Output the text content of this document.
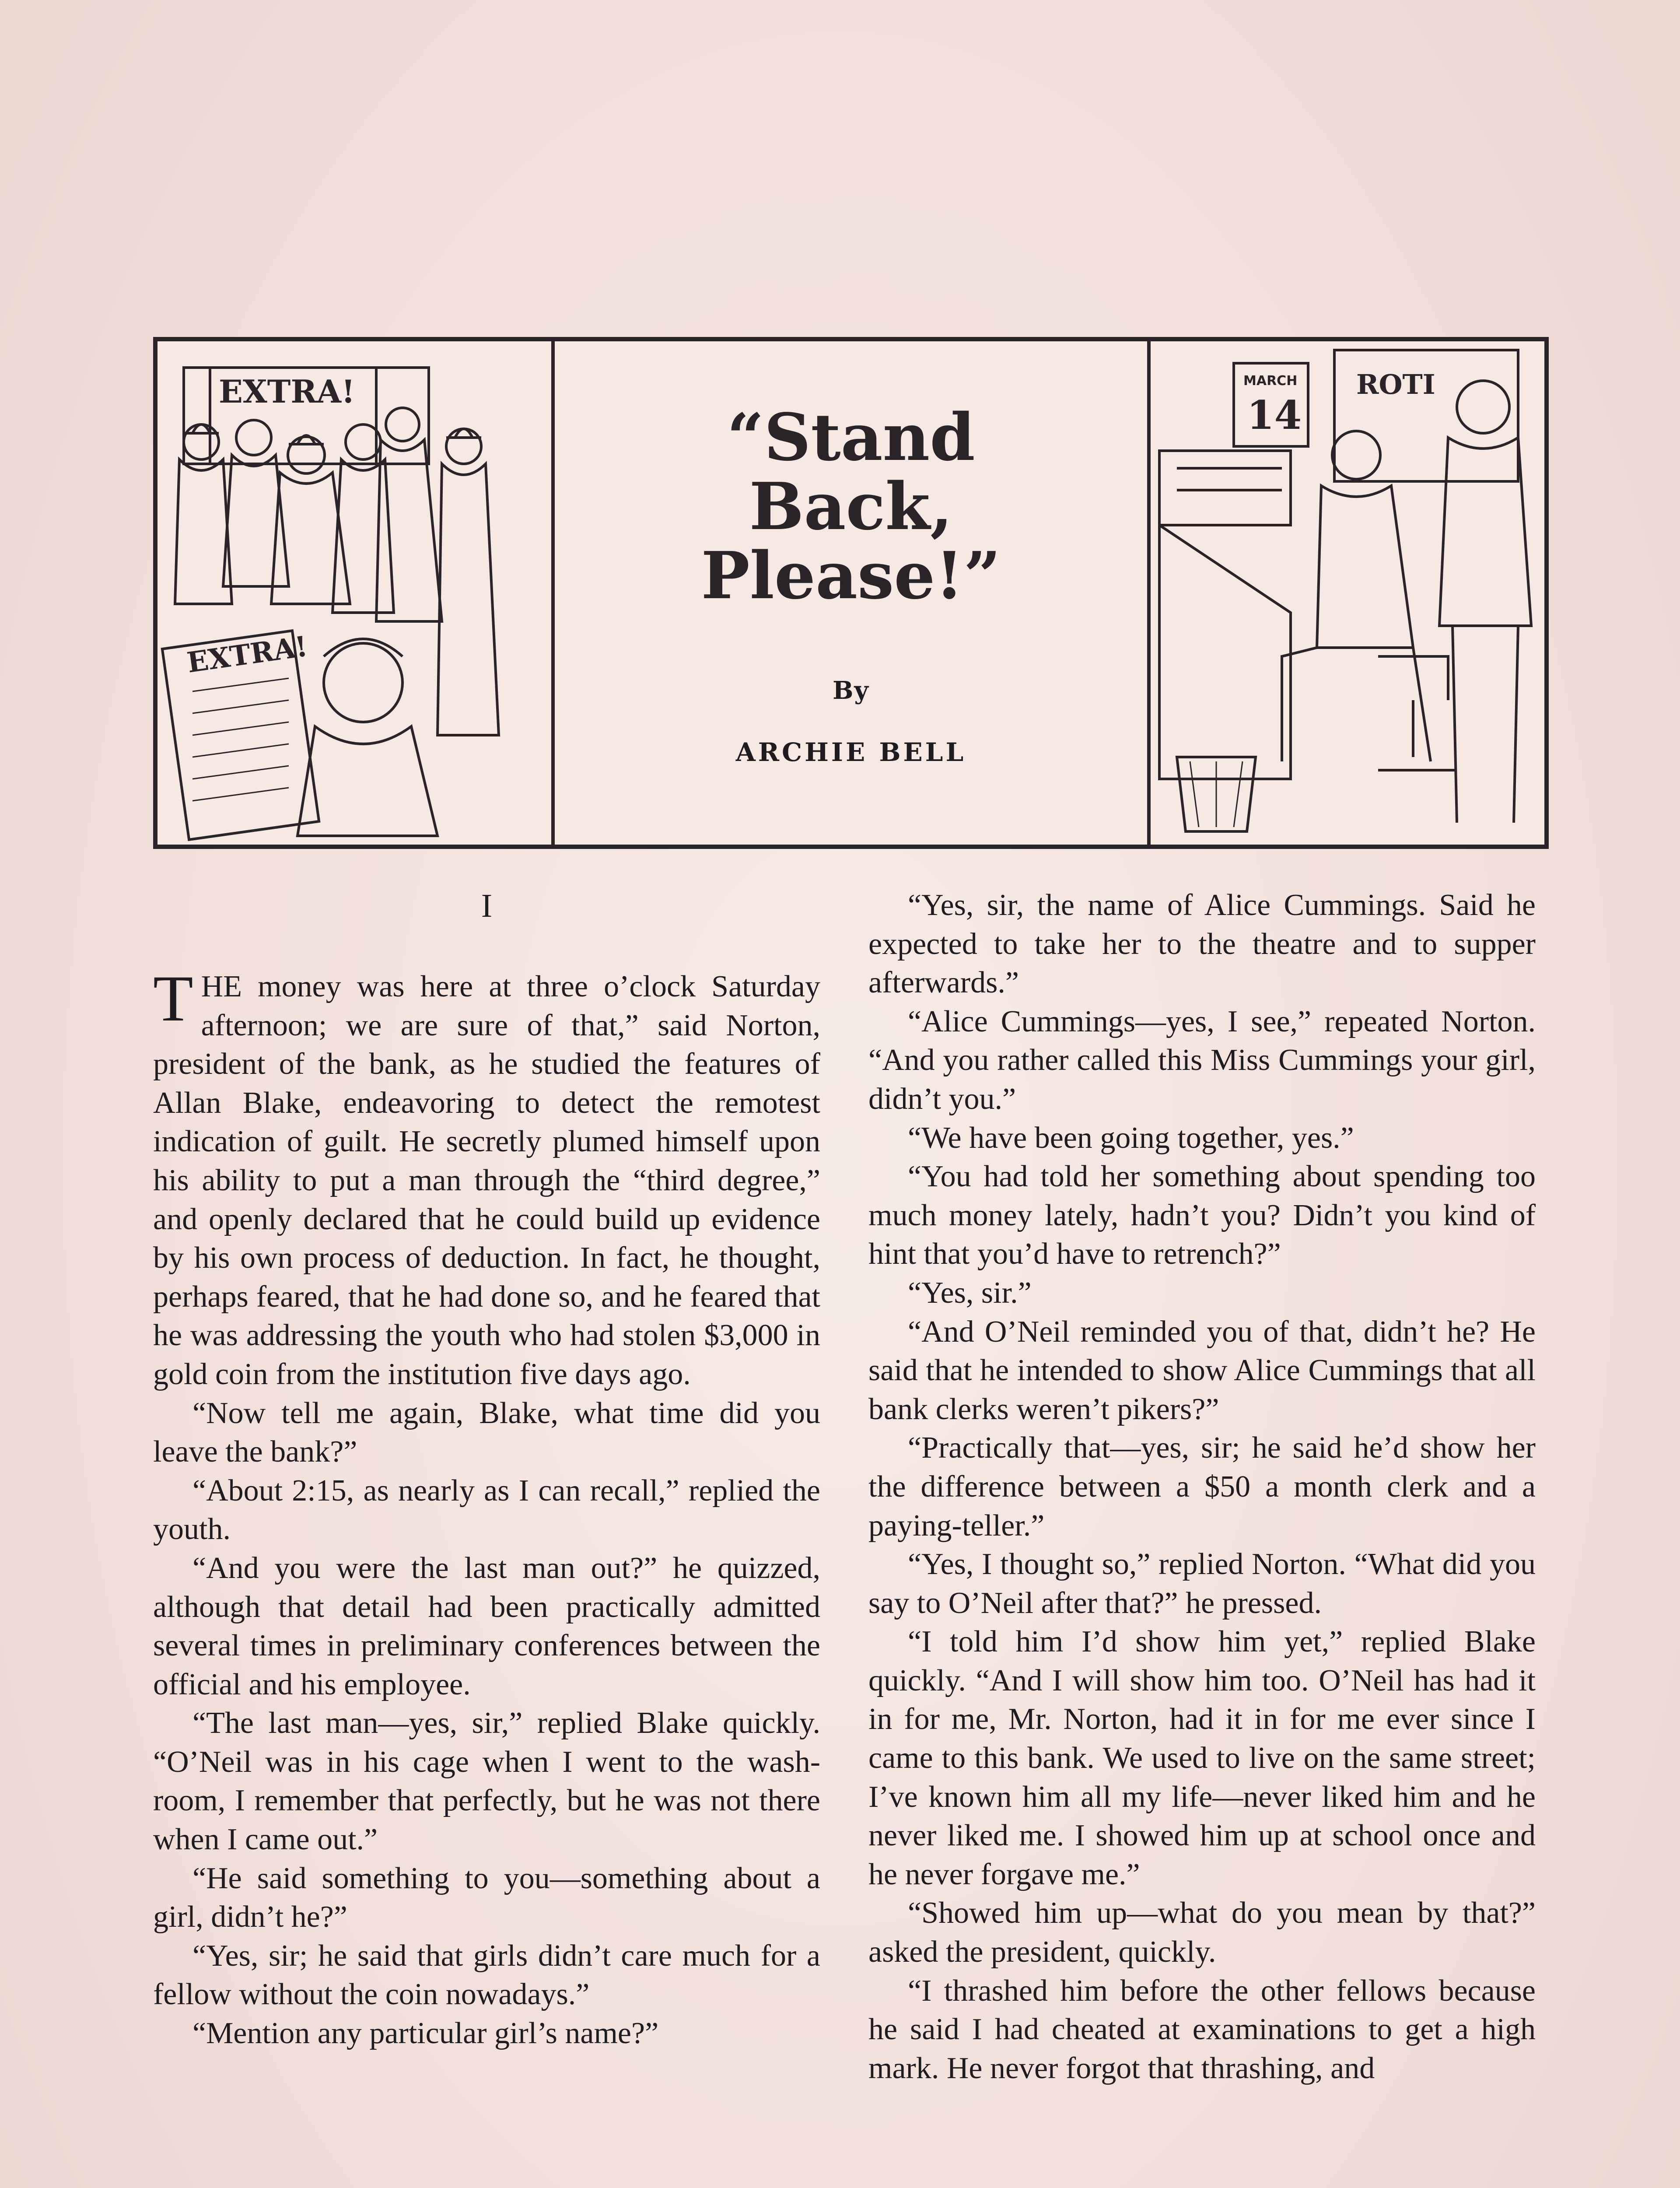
EXTRA!
EXTRA!
“Stand
Back,
Please!”
By
ARCHIE BELL
MARCH
14
ROTI
I

THE money was here at three o’clock Saturday afternoon; we are sure of that,” said Norton, president of the bank, as he studied the features of Allan Blake, endeavoring to detect the remotest indication of guilt. He secretly plumed himself upon his ability to put a man through the “third degree,” and openly declared that he could build up evidence by his own process of deduction. In fact, he thought, perhaps feared, that he had done so, and he feared that he was addressing the youth who had stolen $3,000 in gold coin from the institution five days ago.

“Now tell me again, Blake, what time did you leave the bank?”

“About 2:15, as nearly as I can recall,” replied the youth.

“And you were the last man out?” he quizzed, although that detail had been practically admitted several times in preliminary conferences between the official and his employee.

“The last man—yes, sir,” replied Blake quickly. “O’Neil was in his cage when I went to the wash-room, I remember that perfectly, but he was not there when I came out.”

“He said something to you—something about a girl, didn’t he?”

“Yes, sir; he said that girls didn’t care much for a fellow without the coin nowadays.”

“Mention any particular girl’s name?”

“Yes, sir, the name of Alice Cummings. Said he expected to take her to the theatre and to supper afterwards.”

“Alice Cummings—yes, I see,” repeated Norton. “And you rather called this Miss Cummings your girl, didn’t you.”

“We have been going together, yes.”

“You had told her something about spending too much money lately, hadn’t you? Didn’t you kind of hint that you’d have to retrench?”

“Yes, sir.”

“And O’Neil reminded you of that, didn’t he? He said that he intended to show Alice Cummings that all bank clerks weren’t pikers?”

“Practically that—yes, sir; he said he’d show her the difference between a $50 a month clerk and a paying-teller.”

“Yes, I thought so,” replied Norton. “What did you say to O’Neil after that?” he pressed.

“I told him I’d show him yet,” replied Blake quickly. “And I will show him too. O’Neil has had it in for me, Mr. Norton, had it in for me ever since I came to this bank. We used to live on the same street; I’ve known him all my life—never liked him and he never liked me. I showed him up at school once and he never forgave me.”

“Showed him up—what do you mean by that?” asked the president, quickly.

“I thrashed him before the other fellows because he said I had cheated at examinations to get a high mark. He never forgot that thrashing, and
